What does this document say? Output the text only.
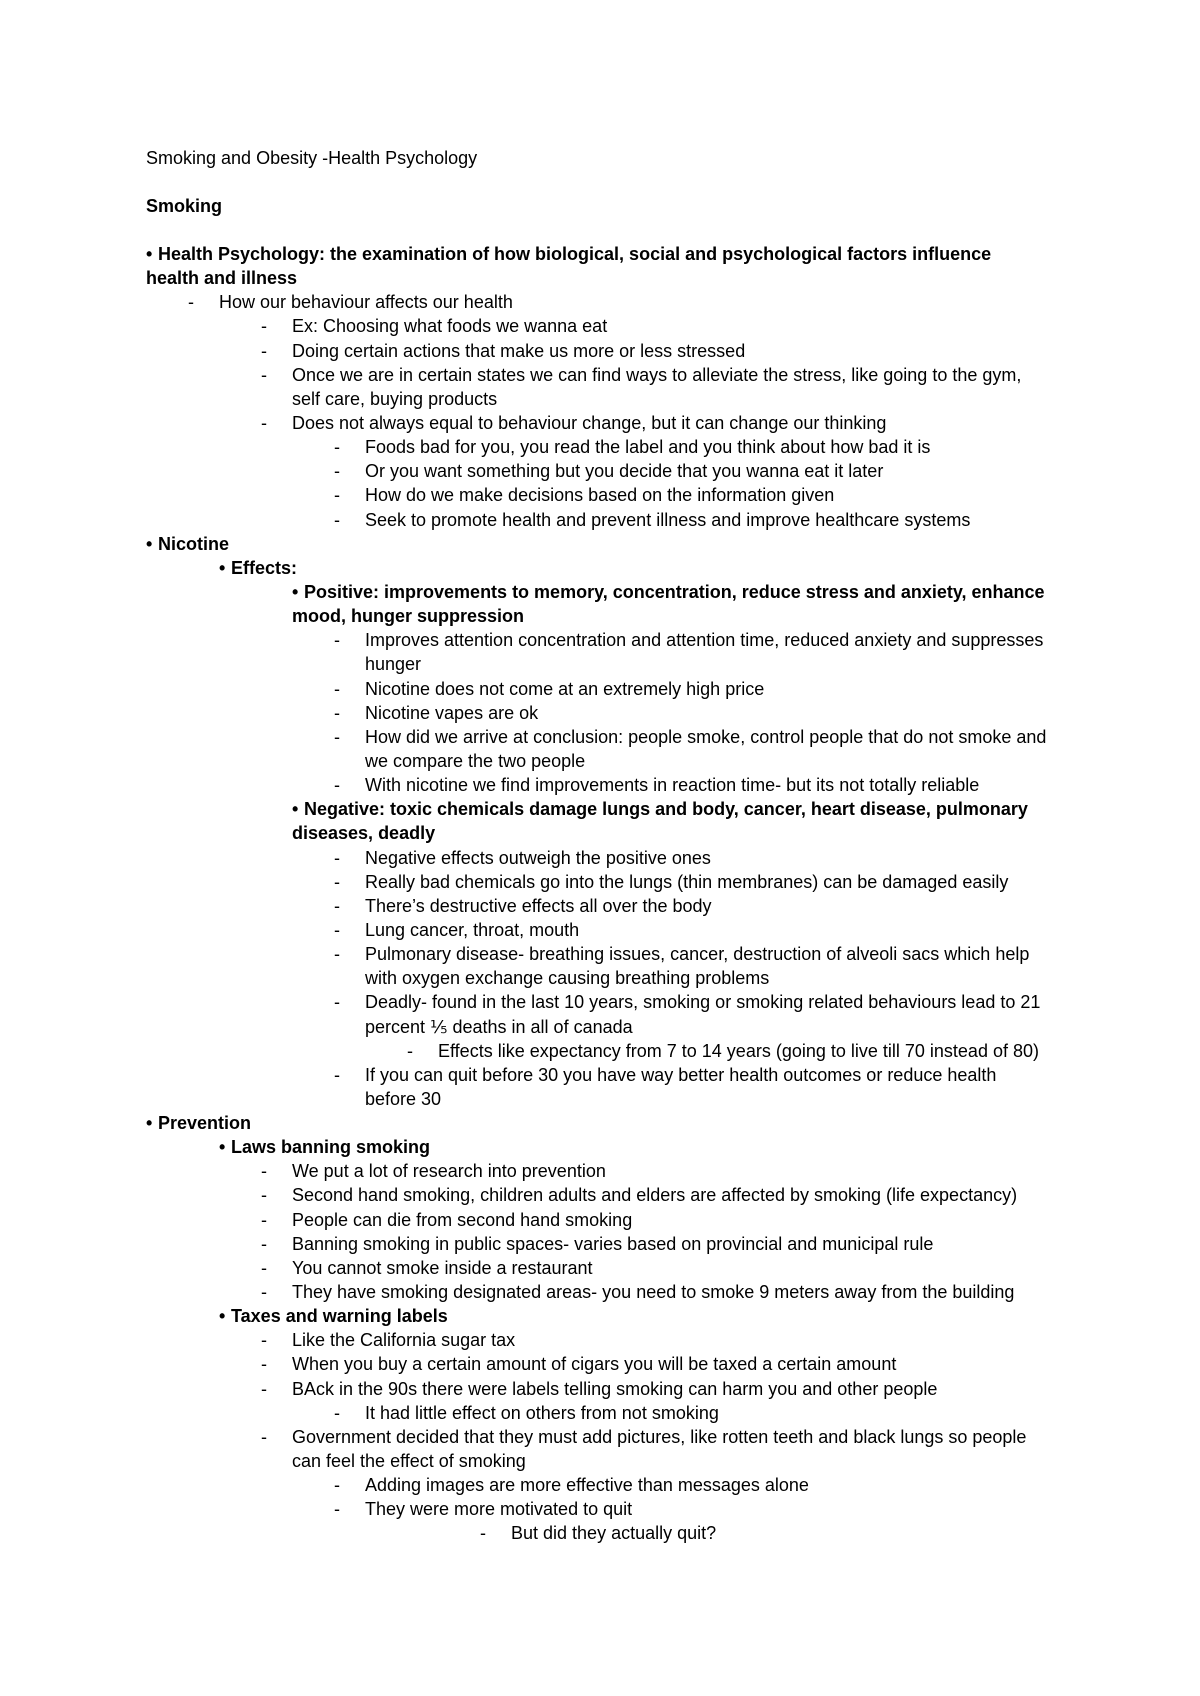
Smoking and Obesity -Health Psychology
Smoking
• Health Psychology: the examination of how biological, social and psychological factors influence
health and illness
- How our behaviour affects our health
- Ex: Choosing what foods we wanna eat
- Doing certain actions that make us more or less stressed
- Once we are in certain states we can find ways to alleviate the stress, like going to the gym,
self care, buying products
- Does not always equal to behaviour change, but it can change our thinking
- Foods bad for you, you read the label and you think about how bad it is
- Or you want something but you decide that you wanna eat it later
- How do we make decisions based on the information given
- Seek to promote health and prevent illness and improve healthcare systems
• Nicotine
• Effects:
• Positive: improvements to memory, concentration, reduce stress and anxiety, enhance
mood, hunger suppression
- Improves attention concentration and attention time, reduced anxiety and suppresses
hunger
- Nicotine does not come at an extremely high price
- Nicotine vapes are ok
- How did we arrive at conclusion: people smoke, control people that do not smoke and
we compare the two people
- With nicotine we find improvements in reaction time- but its not totally reliable
• Negative: toxic chemicals damage lungs and body, cancer, heart disease, pulmonary
diseases, deadly
- Negative effects outweigh the positive ones
- Really bad chemicals go into the lungs (thin membranes) can be damaged easily
- There’s destructive effects all over the body
- Lung cancer, throat, mouth
- Pulmonary disease- breathing issues, cancer, destruction of alveoli sacs which help
with oxygen exchange causing breathing problems
- Deadly- found in the last 10 years, smoking or smoking related behaviours lead to 21
percent ⅕ deaths in all of canada
- Effects like expectancy from 7 to 14 years (going to live till 70 instead of 80)
- If you can quit before 30 you have way better health outcomes or reduce health
before 30
• Prevention
• Laws banning smoking
- We put a lot of research into prevention
- Second hand smoking, children adults and elders are affected by smoking (life expectancy)
- People can die from second hand smoking
- Banning smoking in public spaces- varies based on provincial and municipal rule
- You cannot smoke inside a restaurant
- They have smoking designated areas- you need to smoke 9 meters away from the building
• Taxes and warning labels
- Like the California sugar tax
- When you buy a certain amount of cigars you will be taxed a certain amount
- BAck in the 90s there were labels telling smoking can harm you and other people
- It had little effect on others from not smoking
- Government decided that they must add pictures, like rotten teeth and black lungs so people
can feel the effect of smoking
- Adding images are more effective than messages alone
- They were more motivated to quit
- But did they actually quit?
